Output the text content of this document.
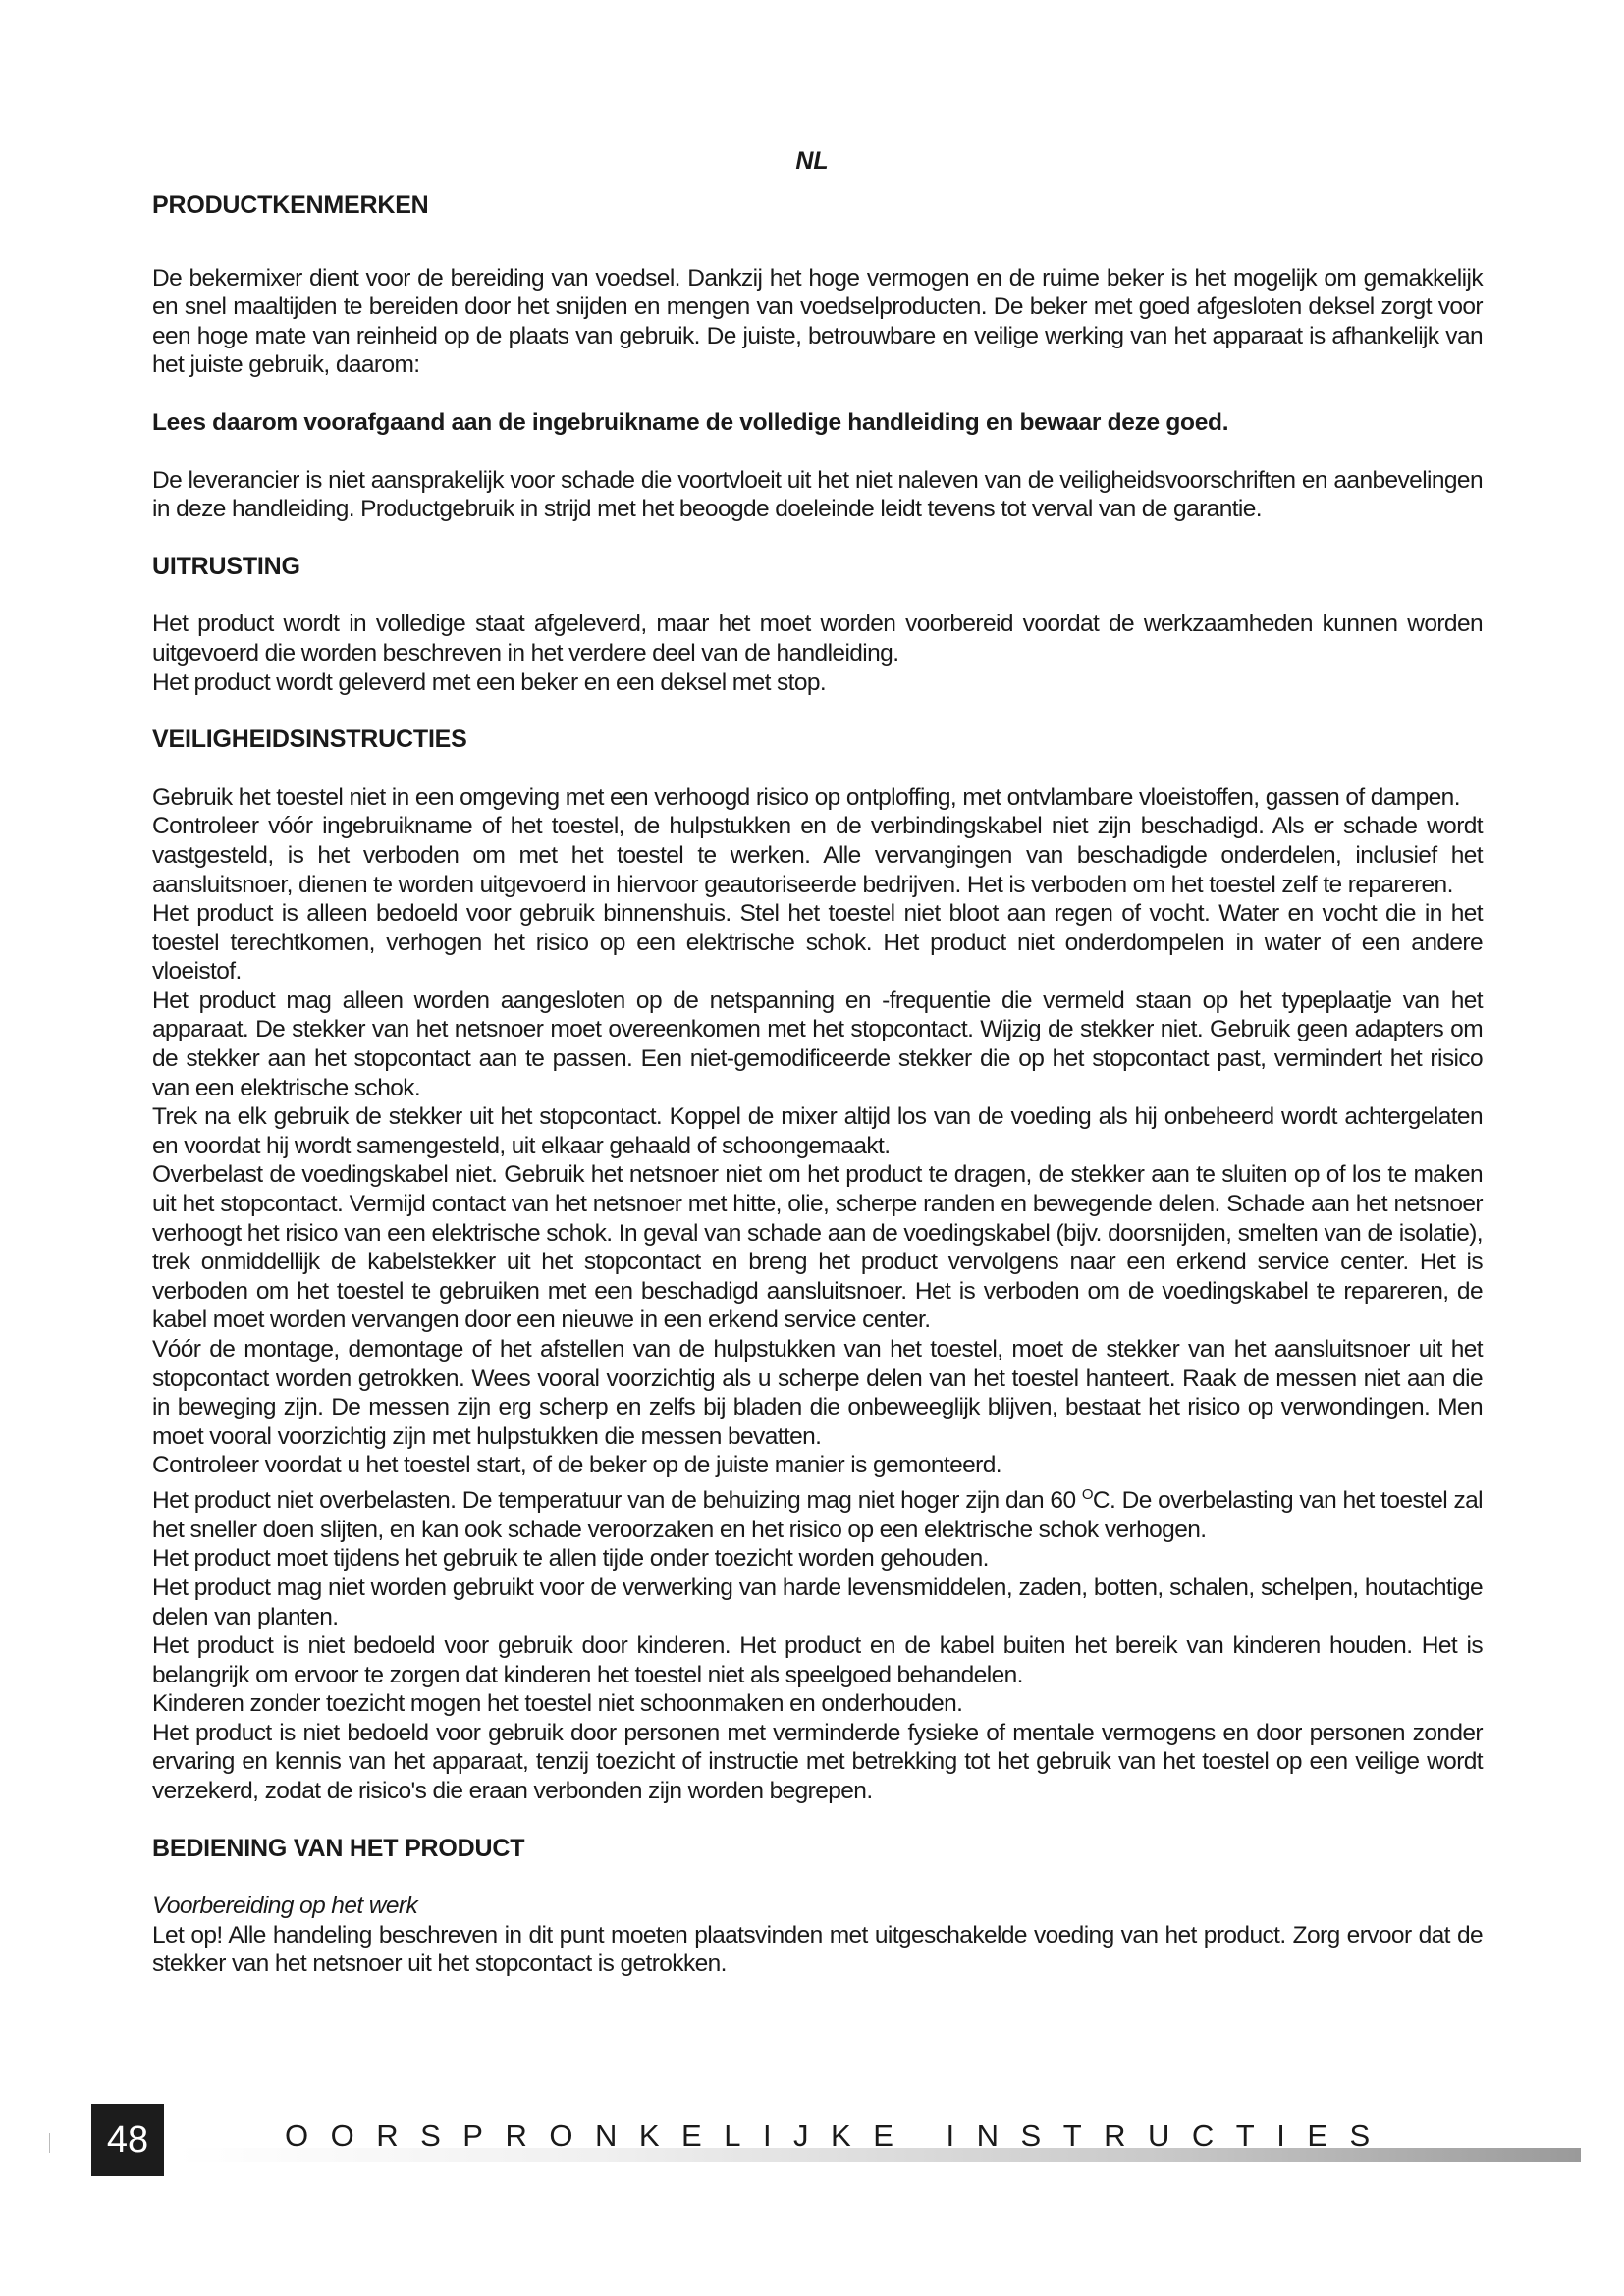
NL
PRODUCTKENMERKEN

De bekermixer dient voor de bereiding van voedsel. Dankzij het hoge vermogen en de ruime beker is het mogelijk om gemakkelijk en snel maaltijden te bereiden door het snijden en mengen van voedselproducten. De beker met goed afgesloten deksel zorgt voor een hoge mate van reinheid op de plaats van gebruik. De juiste, betrouwbare en veilige werking van het apparaat is afhankelijk van het juiste gebruik, daarom:

Lees daarom voorafgaand aan de ingebruikname de volledige handleiding en bewaar deze goed.

De leverancier is niet aansprakelijk voor schade die voortvloeit uit het niet naleven van de veiligheidsvoorschriften en aanbevelingen in deze handleiding. Productgebruik in strijd met het beoogde doeleinde leidt tevens tot verval van de garantie.

UITRUSTING

Het product wordt in volledige staat afgeleverd, maar het moet worden voorbereid voordat de werkzaamheden kunnen worden uitgevoerd die worden beschreven in het verdere deel van de handleiding.

Het product wordt geleverd met een beker en een deksel met stop.

VEILIGHEIDSINSTRUCTIES

Gebruik het toestel niet in een omgeving met een verhoogd risico op ontploffing, met ontvlambare vloeistoffen, gassen of dampen.

Controleer vóór ingebruikname of het toestel, de hulpstukken en de verbindingskabel niet zijn beschadigd. Als er schade wordt vastgesteld, is het verboden om met het toestel te werken. Alle vervangingen van beschadigde onderdelen, inclusief het aansluitsnoer, dienen te worden uitgevoerd in hiervoor geautoriseerde bedrijven. Het is verboden om het toestel zelf te repareren.

Het product is alleen bedoeld voor gebruik binnenshuis. Stel het toestel niet bloot aan regen of vocht. Water en vocht die in het toestel terechtkomen, verhogen het risico op een elektrische schok. Het product niet onderdompelen in water of een andere vloeistof.

Het product mag alleen worden aangesloten op de netspanning en -frequentie die vermeld staan op het typeplaatje van het apparaat. De stekker van het netsnoer moet overeenkomen met het stopcontact. Wijzig de stekker niet. Gebruik geen adapters om de stekker aan het stopcontact aan te passen. Een niet-gemodificeerde stekker die op het stopcontact past, vermindert het risico van een elektrische schok.

Trek na elk gebruik de stekker uit het stopcontact. Koppel de mixer altijd los van de voeding als hij onbeheerd wordt achtergelaten en voordat hij wordt samengesteld, uit elkaar gehaald of schoongemaakt.

Overbelast de voedingskabel niet. Gebruik het netsnoer niet om het product te dragen, de stekker aan te sluiten op of los te maken uit het stopcontact. Vermijd contact van het netsnoer met hitte, olie, scherpe randen en bewegende delen. Schade aan het netsnoer verhoogt het risico van een elektrische schok. In geval van schade aan de voedingskabel (bijv. doorsnijden, smelten van de isolatie), trek onmiddellijk de kabelstekker uit het stopcontact en breng het product vervolgens naar een erkend service center. Het is verboden om het toestel te gebruiken met een beschadigd aansluitsnoer. Het is verboden om de voedingskabel te repareren, de kabel moet worden vervangen door een nieuwe in een erkend service center.

Vóór de montage, demontage of het afstellen van de hulpstukken van het toestel, moet de stekker van het aansluitsnoer uit het stopcontact worden getrokken. Wees vooral voorzichtig als u scherpe delen van het toestel hanteert. Raak de messen niet aan die in beweging zijn. De messen zijn erg scherp en zelfs bij bladen die onbeweeglijk blijven, bestaat het risico op verwondingen. Men moet vooral voorzichtig zijn met hulpstukken die messen bevatten.

Controleer voordat u het toestel start, of de beker op de juiste manier is gemonteerd.

Het product niet overbelasten. De temperatuur van de behuizing mag niet hoger zijn dan 60 $^O$C. De overbelasting van het toestel zal het sneller doen slijten, en kan ook schade veroorzaken en het risico op een elektrische schok verhogen.

Het product moet tijdens het gebruik te allen tijde onder toezicht worden gehouden.

Het product mag niet worden gebruikt voor de verwerking van harde levensmiddelen, zaden, botten, schalen, schelpen, houtachtige delen van planten.

Het product is niet bedoeld voor gebruik door kinderen. Het product en de kabel buiten het bereik van kinderen houden. Het is belangrijk om ervoor te zorgen dat kinderen het toestel niet als speelgoed behandelen.

Kinderen zonder toezicht mogen het toestel niet schoonmaken en onderhouden.

Het product is niet bedoeld voor gebruik door personen met verminderde fysieke of mentale vermogens en door personen zonder ervaring en kennis van het apparaat, tenzij toezicht of instructie met betrekking tot het gebruik van het toestel op een veilige wordt verzekerd, zodat de risico's die eraan verbonden zijn worden begrepen.

BEDIENING VAN HET PRODUCT

Voorbereiding op het werk

Let op! Alle handeling beschreven in dit punt moeten plaatsvinden met uitgeschakelde voeding van het product. Zorg ervoor dat de stekker van het netsnoer uit het stopcontact is getrokken.

48	OORSPRONKELIJKE INSTRUCTIES
